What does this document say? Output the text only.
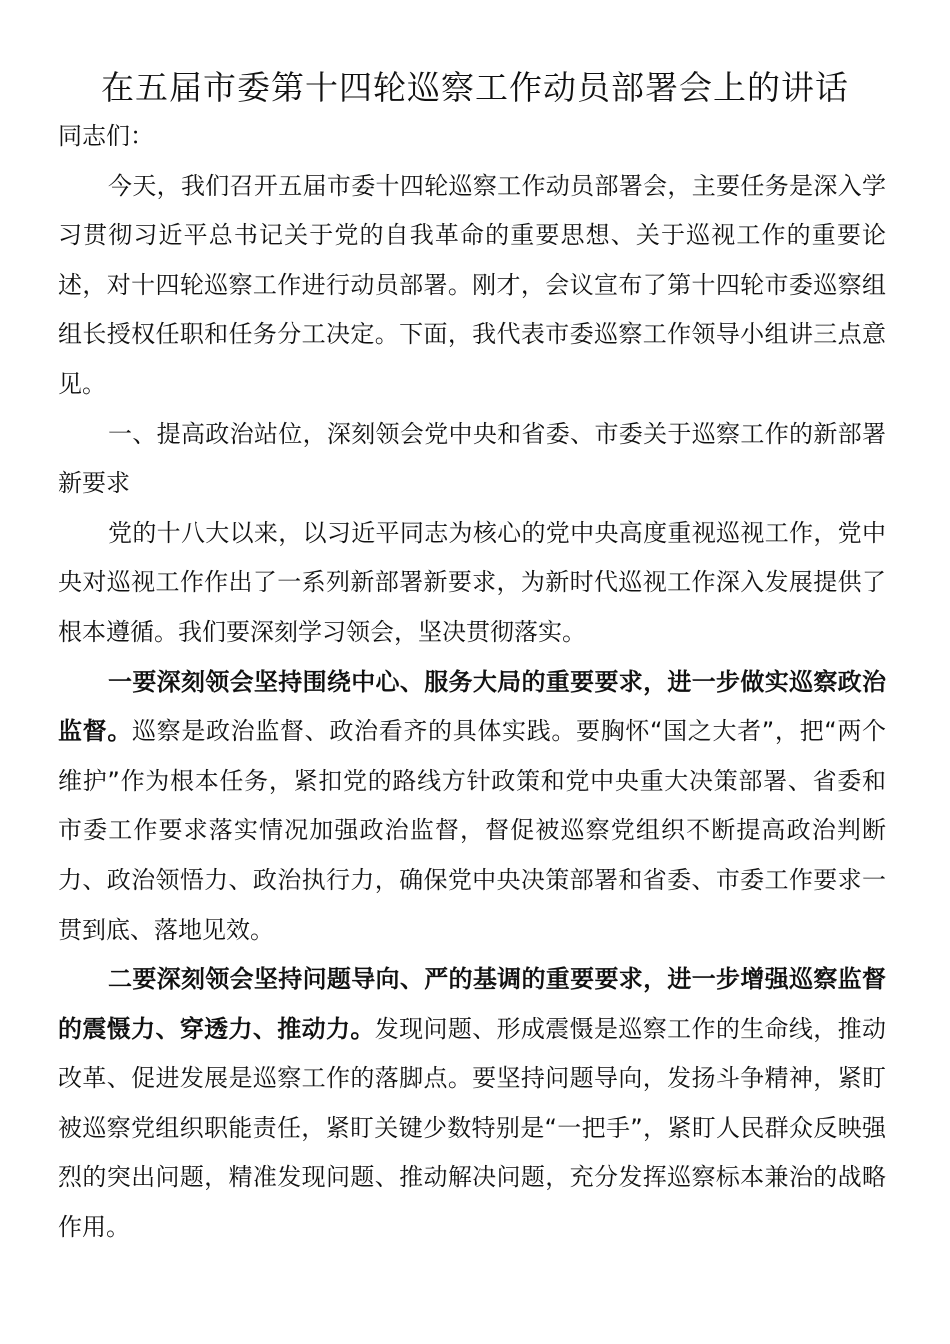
在五届市委第十四轮巡察工作动员部署会上的讲话

同志们：

今天，我们召开五届市委十四轮巡察工作动员部署会，主要任务是深入学习贯彻习近平总书记关于党的自我革命的重要思想、关于巡视工作的重要论述，对十四轮巡察工作进行动员部署。刚才，会议宣布了第十四轮市委巡察组组长授权任职和任务分工决定。下面，我代表市委巡察工作领导小组讲三点意见。

一、提高政治站位，深刻领会党中央和省委、市委关于巡察工作的新部署新要求

党的十八大以来，以习近平同志为核心的党中央高度重视巡视工作，党中央对巡视工作作出了一系列新部署新要求，为新时代巡视工作深入发展提供了根本遵循。我们要深刻学习领会，坚决贯彻落实。

一要深刻领会坚持围绕中心、服务大局的重要要求，进一步做实巡察政治监督。巡察是政治监督、政治看齐的具体实践。要胸怀“国之大者”，把“两个维护”作为根本任务，紧扣党的路线方针政策和党中央重大决策部署、省委和市委工作要求落实情况加强政治监督，督促被巡察党组织不断提高政治判断力、政治领悟力、政治执行力，确保党中央决策部署和省委、市委工作要求一贯到底、落地见效。

二要深刻领会坚持问题导向、严的基调的重要要求，进一步增强巡察监督的震慑力、穿透力、推动力。发现问题、形成震慑是巡察工作的生命线，推动改革、促进发展是巡察工作的落脚点。要坚持问题导向，发扬斗争精神，紧盯被巡察党组织职能责任，紧盯关键少数特别是“一把手”，紧盯人民群众反映强烈的突出问题，精准发现问题、推动解决问题，充分发挥巡察标本兼治的战略作用。
